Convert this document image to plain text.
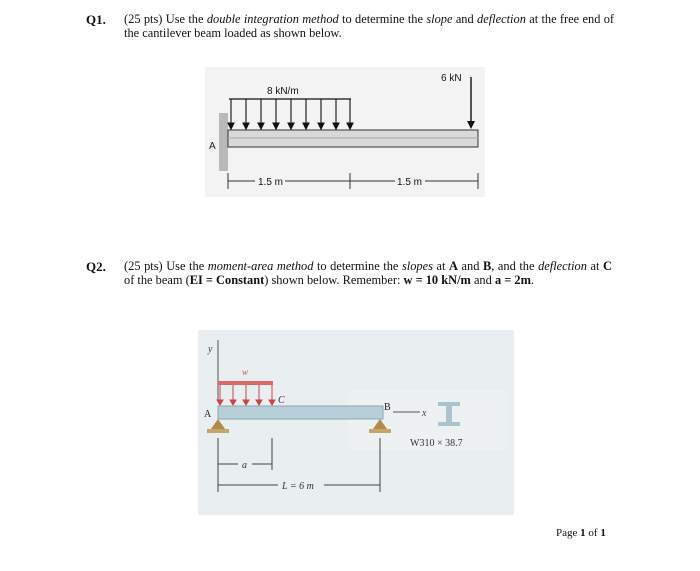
Q1. (25 pts) Use the double integration method to determine the slope and deflection at the free end of the cantilever beam loaded as shown below.
A
8 kN/m
6 kN
1.5 m	1.5 m
Q2. (25 pts) Use the moment-area method to determine the slopes at A and B, and the deflection at C of the beam (EI = Constant) shown below. Remember: w = 10 kN/m and a = 2m.
y
w
C
A
B
x
W310 × 38.7
a
L = 6 m
Page 1 of 1
